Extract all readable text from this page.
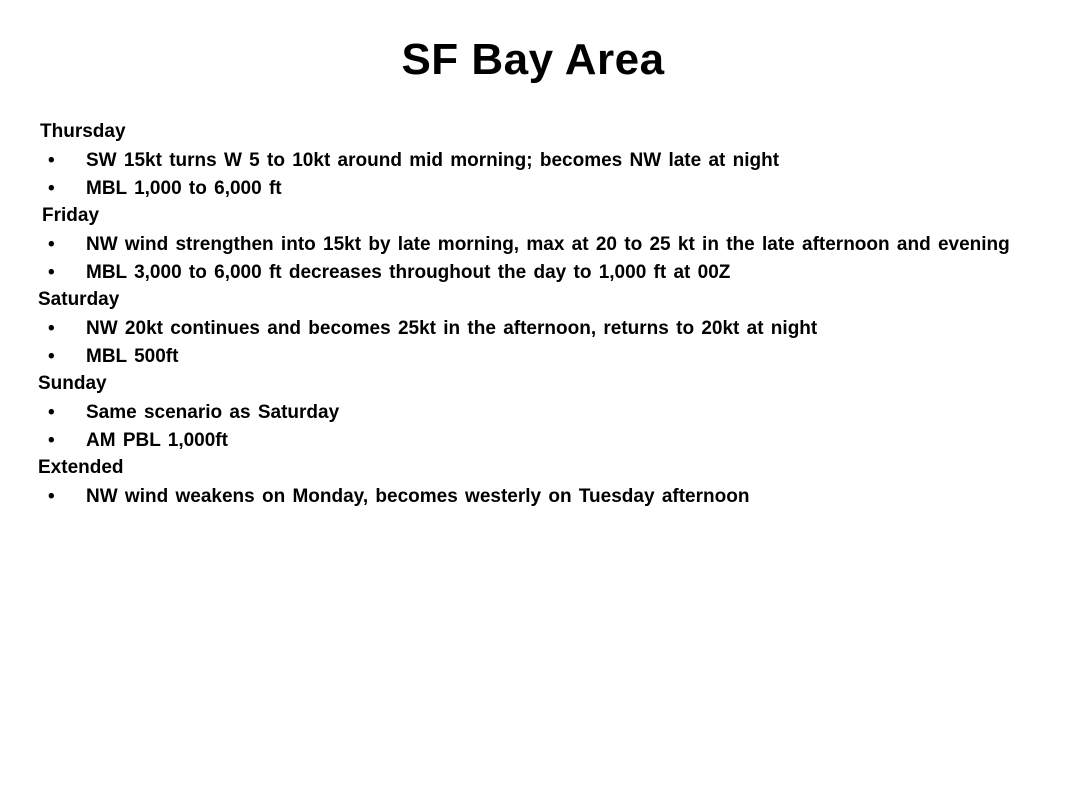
SF Bay Area
Thursday
•	SW 15kt turns W 5 to 10kt around mid morning; becomes NW late at night
•	MBL 1,000 to 6,000 ft
Friday
•	NW wind strengthen into 15kt by late morning, max at 20 to 25 kt in the late afternoon and evening
•	MBL 3,000 to 6,000 ft decreases throughout the day to 1,000 ft at 00Z
Saturday
•	NW 20kt continues and becomes 25kt in the afternoon, returns to 20kt at night
•	MBL 500ft
Sunday
•	Same scenario as Saturday
•	AM PBL 1,000ft
Extended
•	NW wind weakens on Monday, becomes westerly on Tuesday afternoon
